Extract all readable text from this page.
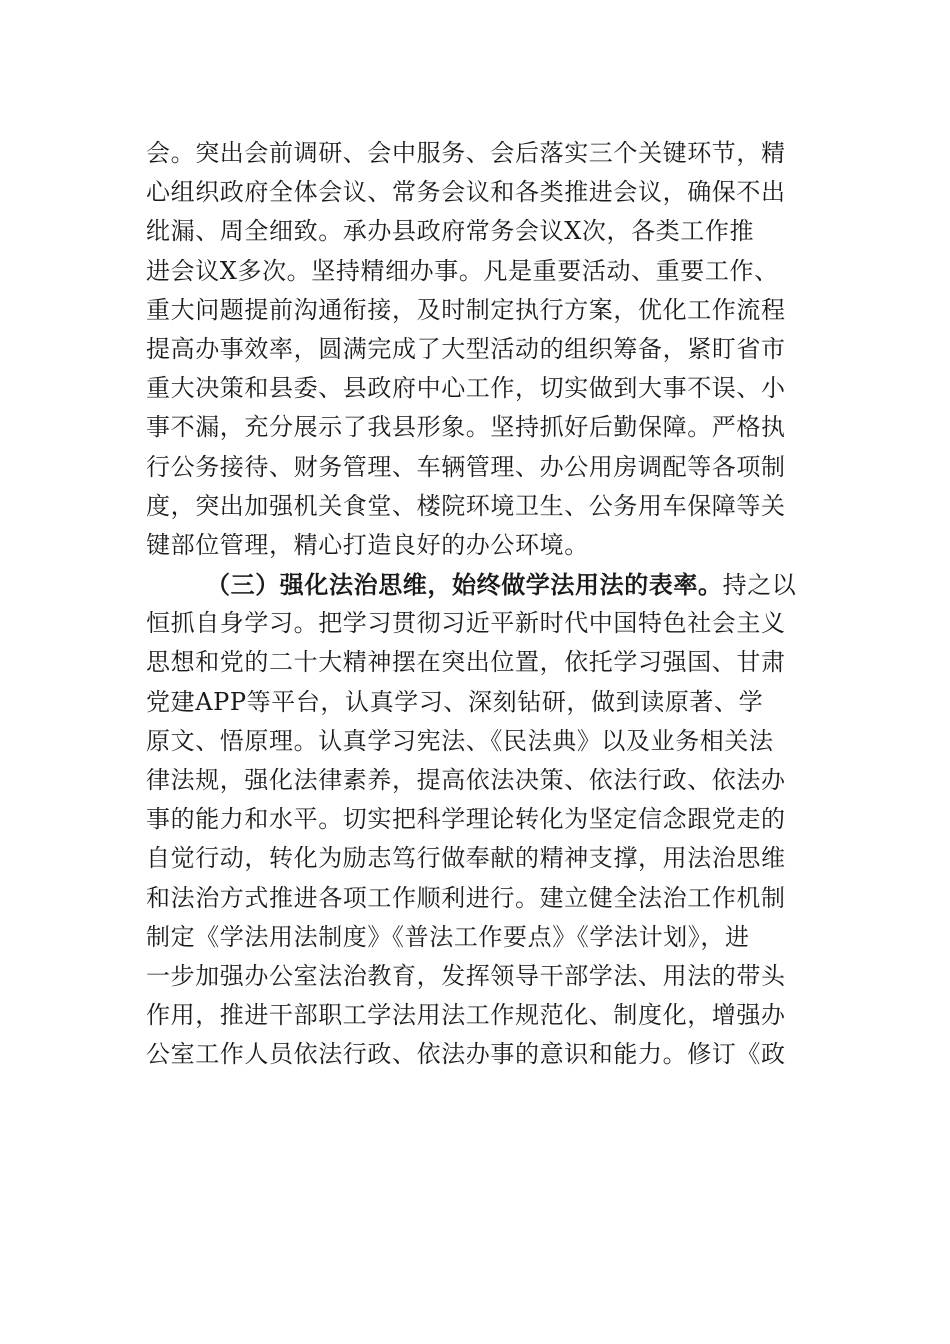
会。突出会前调研、会中服务、会后落实三个关键环节，精
心组织政府全体会议、常务会议和各类推进会议，确保不出
纰漏、周全细致。承办县政府常务会议X次，各类工作推
进会议X多次。坚持精细办事。凡是重要活动、重要工作、
重大问题提前沟通衔接，及时制定执行方案，优化工作流程
提高办事效率，圆满完成了大型活动的组织筹备，紧盯省市
重大决策和县委、县政府中心工作，切实做到大事不误、小
事不漏，充分展示了我县形象。坚持抓好后勤保障。严格执
行公务接待、财务管理、车辆管理、办公用房调配等各项制
度，突出加强机关食堂、楼院环境卫生、公务用车保障等关
键部位管理，精心打造良好的办公环境。
（三）强化法治思维，始终做学法用法的表率。持之以
恒抓自身学习。把学习贯彻习近平新时代中国特色社会主义
思想和党的二十大精神摆在突出位置，依托学习强国、甘肃
党建APP等平台，认真学习、深刻钻研，做到读原著、学
原文、悟原理。认真学习宪法、《民法典》以及业务相关法
律法规，强化法律素养，提高依法决策、依法行政、依法办
事的能力和水平。切实把科学理论转化为坚定信念跟党走的
自觉行动，转化为励志笃行做奉献的精神支撑，用法治思维
和法治方式推进各项工作顺利进行。建立健全法治工作机制
制定《学法用法制度》《普法工作要点》《学法计划》，进
一步加强办公室法治教育，发挥领导干部学法、用法的带头
作用，推进干部职工学法用法工作规范化、制度化，增强办
公室工作人员依法行政、依法办事的意识和能力。修订《政
